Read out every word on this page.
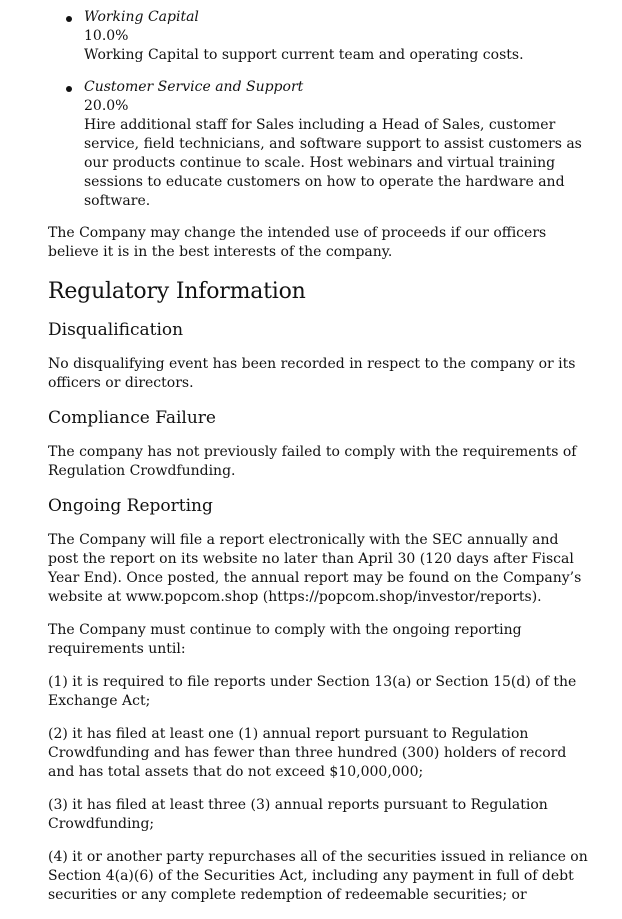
Working Capital
10.0%
Working Capital to support current team and operating costs.
Customer Service and Support
20.0%
Hire additional staff for Sales including a Head of Sales, customer service, field technicians, and software support to assist customers as our products continue to scale. Host webinars and virtual training sessions to educate customers on how to operate the hardware and software.

The Company may change the intended use of proceeds if our officers believe it is in the best interests of the company.

Regulatory Information
Disqualification

No disqualifying event has been recorded in respect to the company or its officers or directors.

Compliance Failure

The company has not previously failed to comply with the requirements of Regulation Crowdfunding.

Ongoing Reporting

The Company will file a report electronically with the SEC annually and post the report on its website no later than April 30 (120 days after Fiscal Year End). Once posted, the annual report may be found on the Company’s website at www.popcom.shop (https://popcom.shop/investor/reports).

The Company must continue to comply with the ongoing reporting requirements until:

(1) it is required to file reports under Section 13(a) or Section 15(d) of the Exchange Act;

(2) it has filed at least one (1) annual report pursuant to Regulation Crowdfunding and has fewer than three hundred (300) holders of record and has total assets that do not exceed $10,000,000;

(3) it has filed at least three (3) annual reports pursuant to Regulation Crowdfunding;

(4) it or another party repurchases all of the securities issued in reliance on Section 4(a)(6) of the Securities Act, including any payment in full of debt securities or any complete redemption of redeemable securities; or
